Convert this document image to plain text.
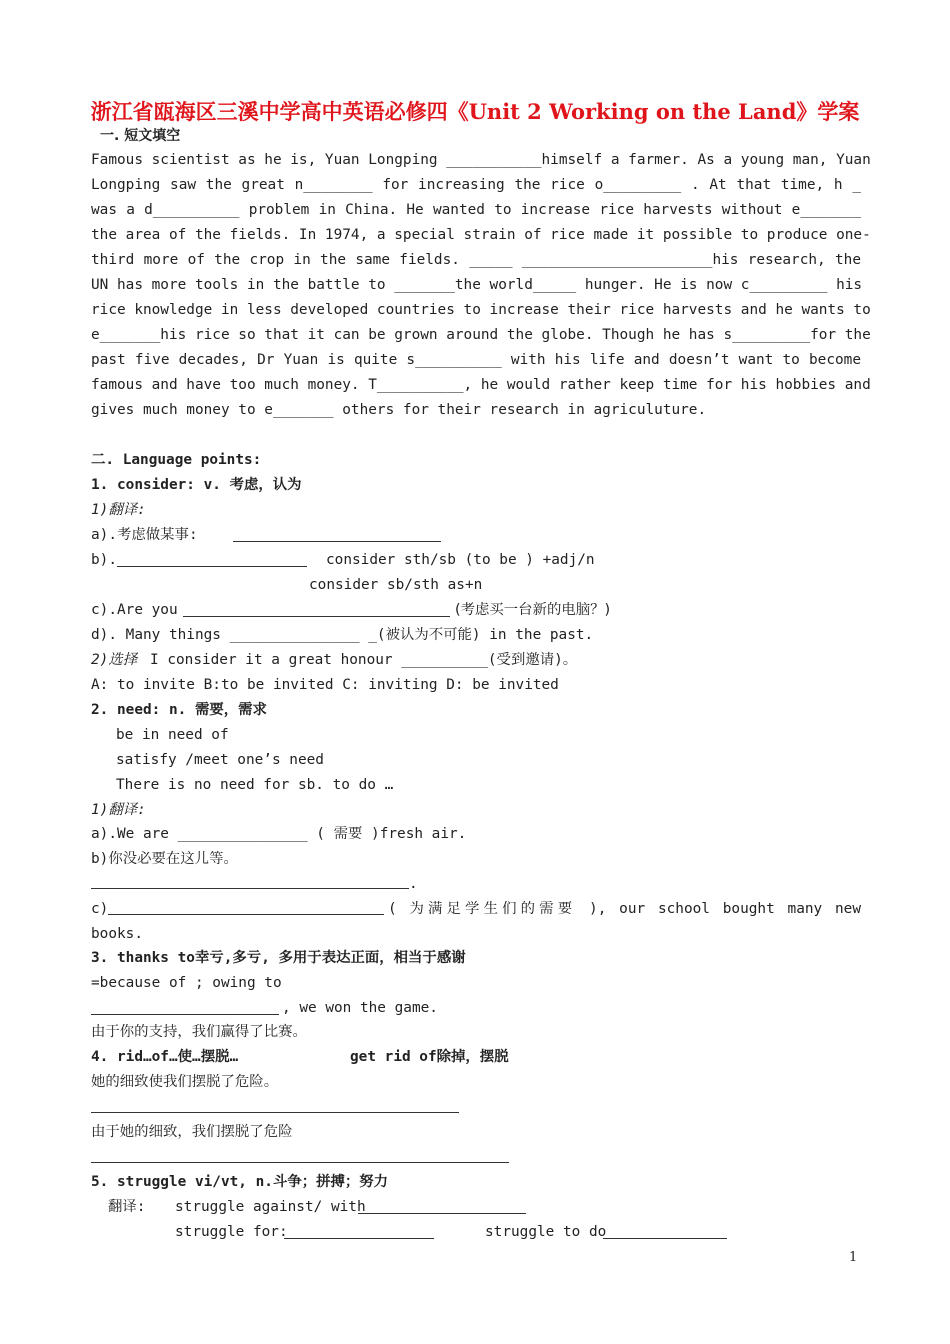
浙江省瓯海区三溪中学高中英语必修四《Unit 2 Working on the Land》学案
一. 短文填空
Famous scientist as he is, Yuan Longping ___________himself a farmer. As a young man, Yuan
Longping saw the great n________ for increasing the rice o_________ . At that time, h _
was a d__________ problem in China. He wanted to increase rice harvests without e_______
the area of the fields. In 1974, a special strain of rice made it possible to produce one-
third more of the crop in the same fields. _____ ______________________his research, the
UN has more tools in the battle to _______the world_____ hunger. He is now c_________ his
rice knowledge in less developed countries to increase their rice harvests and he wants to
e_______his rice so that it can be grown around the globe. Though he has s_________for the
past five decades, Dr Yuan is quite s__________ with his life and doesn’t want to become
famous and have too much money. T__________, he would rather keep time for his hobbies and
gives much money to e_______ others for their research in agriculuture.
二. Language points:
1. consider: v. 考虑，认为
1)翻译:
a).考虑做某事:
b).	consider sth/sb (to be ) +adj/n
consider sb/sth as+n
c).Are you	(考虑买一台新的电脑？)
d). Many things _______________ _(被认为不可能) in the past.
2)选择 I consider it a great honour __________(受到邀请)。
A: to invite B:to be invited C: inviting D: be invited
2. need: n. 需要，需求
be in need of
satisfy /meet one’s need
There is no need for sb. to do …
1)翻译:
a).We are _______________ ( 需要 )fresh air.
b)你没必要在这儿等。
.
c)	( 为满足学生们的需要 ), our school bought many new
books.
3. thanks to幸亏,多亏, 多用于表达正面，相当于感谢
=because of ; owing to
, we won the game.
由于你的支持，我们赢得了比赛。
4. rid…of…使…摆脱…	get rid of除掉，摆脱
她的细致使我们摆脱了危险。
由于她的细致，我们摆脱了危险
5. struggle vi/vt, n.斗争；拼搏；努力
翻译:	struggle against/ with
struggle for:	struggle to do
1
